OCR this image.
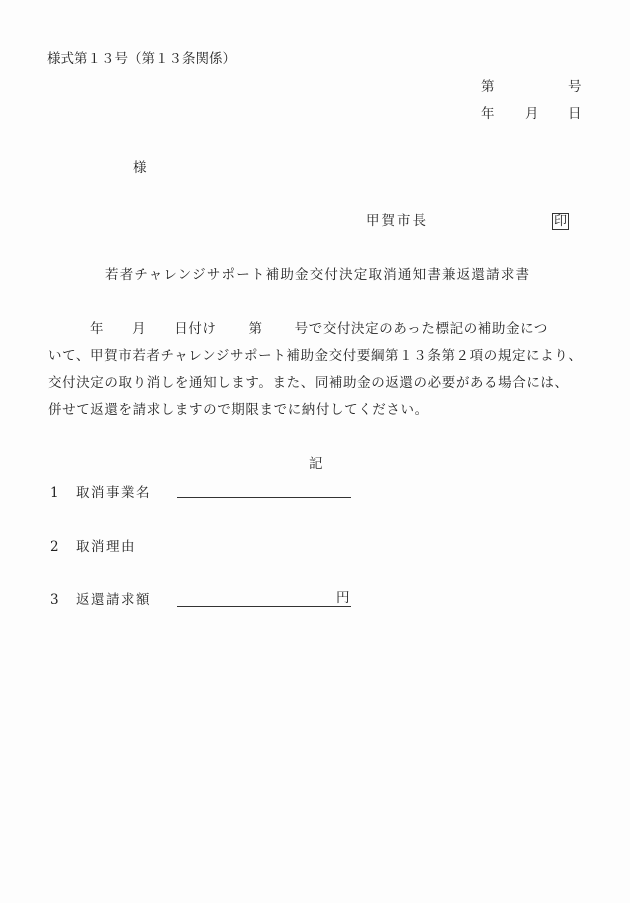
様式第１３号（第１３条関係）
第	号
年 月 日
様
甲賀市長	印
若者チャレンジサポート補助金交付決定取消通知書兼返還請求書

年 月 日付け 第 号で交付決定のあった標記の補助金につ

いて、甲賀市若者チャレンジサポート補助金交付要綱第１３条第２項の規定により、

交付決定の取り消しを通知します。また、同補助金の返還の必要がある場合には、

併せて返還を請求しますので期限までに納付してください。

記
1 取消事業名
2 取消理由
3 返還請求額	円
